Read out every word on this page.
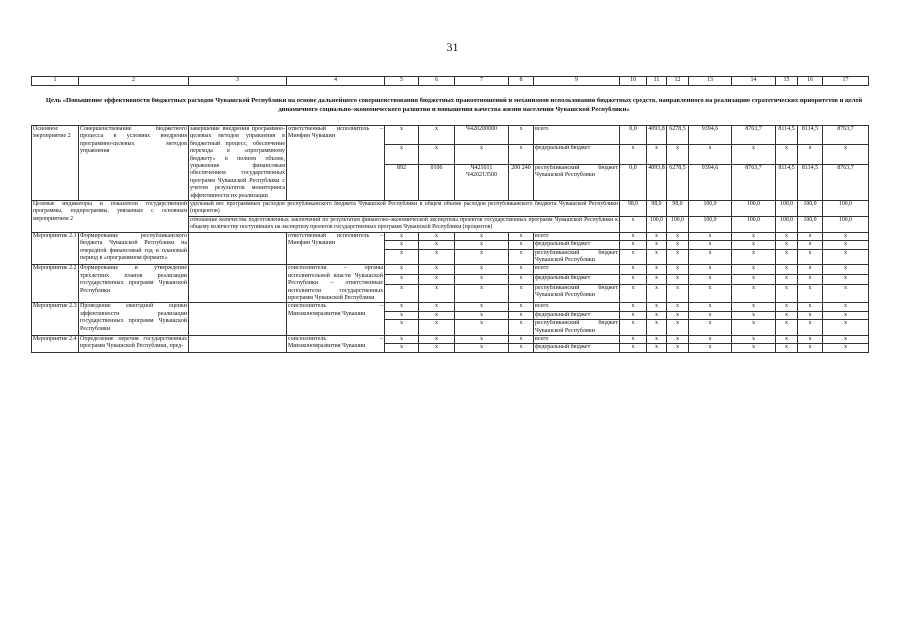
31
1	2	3	4	5	6	7	8	9	10	11	12	13	14	15	16	17
Цель «Повышение эффективности бюджетных расходов Чувашской Республики на основе дальнейшего совершенствования бюджетных правоотношений и механизмов использования бюджетных средств, направленного на реализацию стратегических приоритетов и целей динамичного социально-экономического развития и повышения качества жизни населения Чувашской Республики»
Основное мероприятие 2	Совершенствование бюджетного процесса в условиях внедрения программно-целевых методов управления	завершение внедрения программно-целевых методов управления в бюджетный процесс, обеспечение перехода к «программному бюджету» в полном объеме, управление финансовым обеспечением государственных программ Чувашской Республики с учетом результатов мониторинга эффективности их реализации	ответственный исполнитель – Минфин Чувашии	x	x	Ч420200000	x	всего	0,0	4093,8	6278,5	9394,6	8763,7	8114,5	8114,5	8763,7
				x	x	x	x	федеральный бюджет	x	x	x	x	x	x	x	x
				892	0106	Ч421011 Ч420213500	200 240	республиканский бюджет Чувашской Республики	0,0	4093,8	6278,5	9394,6	8763,7	8114,5	8114,5	8763,7
Целевые индикаторы и показатели государственной программы, подпрограммы, увязанные с основным мероприятием 2		удельный вес программных расходов республиканского бюджета Чувашской Республики в общем объеме расходов республиканского бюджета Чувашской Республики (процентов)							98,0	98,0	98,0	100,0	100,0	100,0	100,0	100,0
		отношение количества подготовленных заключений по результатам финансово-экономической экспертизы проектов государственных программ Чувашской Республики к общему количеству поступивших на экспертизу проектов государственных программ Чувашской Республики (процентов)							x	100,0	100,0	100,0	100,0	100,0	100,0	100,0
Мероприятие 2.1	Формирование республиканского бюджета Чувашской Республики на очередной финансовый год и плановый период в «программном формате»		ответственный исполнитель – Минфин Чувашии	x	x	x	x	всего	x	x	x	x	x	x	x	x
				x	x	x	x	федеральный бюджет	x	x	x	x	x	x	x	x
				x	x	x	x	республиканский бюджет Чувашской Республики	x	x	x	x	x	x	x	x
Мероприятие 2.2	Формирование и утверждение трехлетних планов реализации государственных программ Чувашской Республики		соисполнители – органы исполнительной власти Чувашской Республики – ответственные исполнители государственных программ Чувашской Республики	x	x	x	x	всего	x	x	x	x	x	x	x	x
				x	x	x	x	федеральный бюджет	x	x	x	x	x	x	x	x
				x	x	x	x	республиканский бюджет Чувашской Республики	x	x	x	x	x	x	x	x
Мероприятие 2.3	Проведение ежегодной оценки эффективности реализации государственных программ Чувашской Республики		соисполнитель – Минэкономразвития Чувашии	x	x	x	x	всего	x	x	x	x	x	x	x	x
				x	x	x	x	федеральный бюджет	x	x	x	x	x	x	x	x
				x	x	x	x	республиканский бюджет Чувашской Республики	x	x	x	x	x	x	x	x
Мероприятие 2.4	Определение перечня государственных программ Чувашской Республики, пред-		соисполнитель – Минэкономразвития Чувашии	x	x	x	x	всего	x	x	x	x	x	x	x	x
				x	x	x	x	федеральный бюджет	x	x	x	x	x	x	x	x
